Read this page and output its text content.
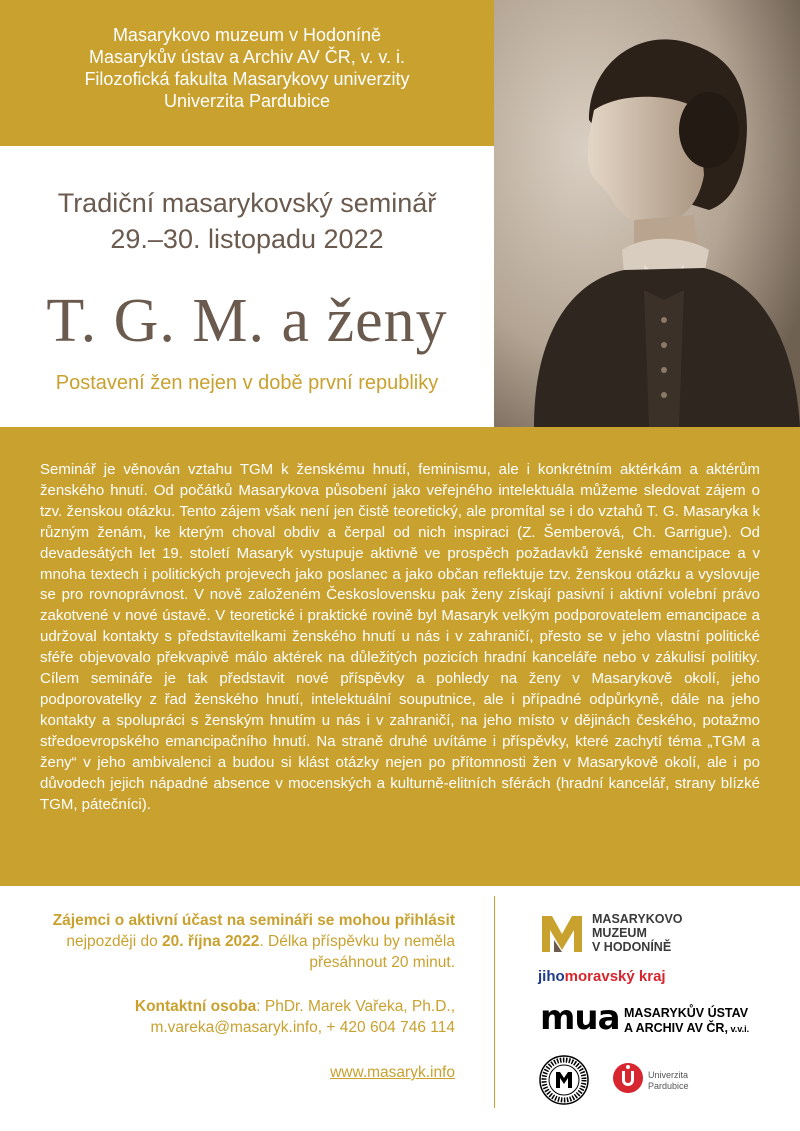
Masarykovo muzeum v Hodoníně
Masarykův ústav a Archiv AV ČR, v. v. i.
Filozofická fakulta Masarykovy univerzity
Univerzita Pardubice
Tradiční masarykovský seminář
29.–30. listopadu 2022
T. G. M. a ženy
Postavení žen nejen v době první republiky
Seminář je věnován vztahu TGM k ženskému hnutí, feminismu, ale i konkrétním aktérkám a aktérům ženského hnutí. Od počátků Masarykova působení jako veřejného intelektuála můžeme sledovat zájem o tzv. ženskou otázku. Tento zájem však není jen čistě teoretický, ale promítal se i do vztahů T. G. Masaryka k různým ženám, ke kterým choval obdiv a čerpal od nich inspiraci (Z. Šemberová, Ch. Garrigue). Od devadesátých let 19. století Masaryk vystupuje aktivně ve prospěch požadavků ženské emancipace a v mnoha textech i politických projevech jako poslanec a jako občan reflektuje tzv. ženskou otázku a vyslovuje se pro rovnoprávnost. V nově založeném Československu pak ženy získají pasivní i aktivní volební právo zakotvené v nové ústavě. V teoretické i praktické rovině byl Masaryk velkým podporovatelem emancipace a udržoval kontakty s představitelkami ženského hnutí u nás i v zahraničí, přesto se v jeho vlastní politické sféře objevovalo překvapivě málo aktérek na důležitých pozicích hradní kanceláře nebo v zákulisí politiky. Cílem semináře je tak představit nové příspěvky a pohledy na ženy v Masarykově okolí, jeho podporovatelky z řad ženského hnutí, intelektuální souputnice, ale i případné odpůrkyně, dále na jeho kontakty a spolupráci s ženským hnutím u nás i v zahraničí, na jeho místo v dějinách českého, potažmo středoevropského emancipačního hnutí. Na straně druhé uvítáme i příspěvky, které zachytí téma „TGM a ženy“ v jeho ambivalenci a budou si klást otázky nejen po přítomnosti žen v Masarykově okolí, ale i po důvodech jejich nápadné absence v mocenských a kulturně-elitních sférách (hradní kancelář, strany blízké TGM, pátečníci).
Zájemci o aktivní účast na semináři se mohou přihlásit nejpozději do 20. října 2022. Délka příspěvku by neměla přesáhnout 20 minut.
Kontaktní osoba: PhDr. Marek Vařeka, Ph.D.,
m.vareka@masaryk.info, + 420 604 746 114
www.masaryk.info
MASARYKOVO
MUZEUM
V HODONÍNĚ
jihomoravský kraj
mua MASARYKŮV ÚSTAV
A ARCHIV AV ČR, v.v.i.
Univerzita
Pardubice
